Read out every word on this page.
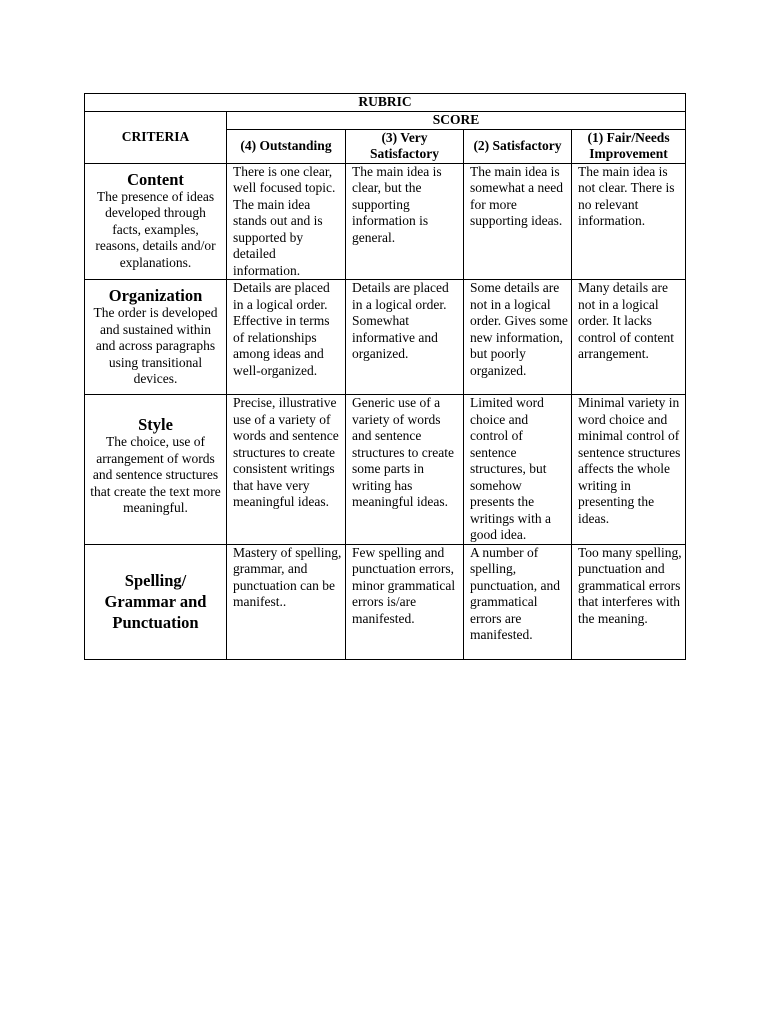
RUBRIC				
CRITERIA	SCORE			
	(4) Outstanding	(3) Very Satisfactory	(2) Satisfactory	(1) Fair/Needs Improvement

Content
The presence of ideas developed through facts, examples, reasons, details and/or explanations.	There is one clear, well focused topic. The main idea stands out and is supported by detailed information.	The main idea is clear, but the supporting information is general.	The main idea is somewhat a need for more supporting ideas.	The main idea is not clear. There is no relevant information.

Organization
The order is developed and sustained within and across paragraphs using transitional devices.	Details are placed in a logical order. Effective in terms of relationships among ideas and well-organized.	Details are placed in a logical order. Somewhat informative and organized.	Some details are not in a logical order. Gives some new information, but poorly organized.	Many details are not in a logical order. It lacks control of content arrangement.

Style
The choice, use of arrangement of words and sentence structures that create the text more meaningful.	Precise, illustrative use of a variety of words and sentence structures to create consistent writings that have very meaningful ideas.	Generic use of a variety of words and sentence structures to create some parts in writing has meaningful ideas.	Limited word choice and control of sentence structures, but somehow presents the writings with a good idea.	Minimal variety in word choice and minimal control of sentence structures affects the whole writing in presenting the ideas.

Spelling/ Grammar and Punctuation	Mastery of spelling, grammar, and punctuation can be manifest..	Few spelling and punctuation errors, minor grammatical errors is/are manifested.	A number of spelling, punctuation, and grammatical errors are manifested.	Too many spelling, punctuation and grammatical errors that interferes with the meaning.
